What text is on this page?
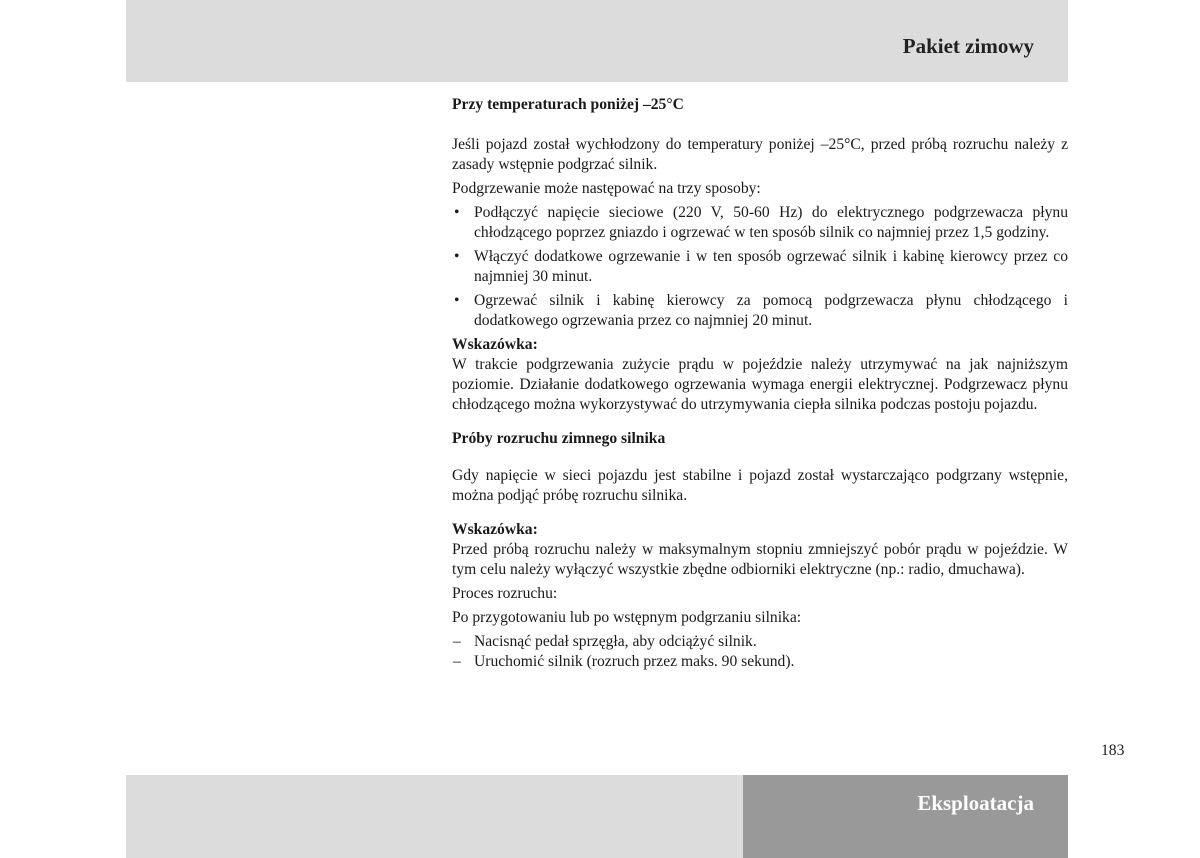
Pakiet zimowy

Przy temperaturach poniżej –25°C

Jeśli pojazd został wychłodzony do temperatury poniżej –25°C, przed próbą rozruchu należy z zasady wstępnie podgrzać silnik.

Podgrzewanie może następować na trzy sposoby:

• Podłączyć napięcie sieciowe (220 V, 50-60 Hz) do elektrycznego podgrzewacza płynu chłodzącego poprzez gniazdo i ogrzewać w ten sposób silnik co najmniej przez 1,5 godziny.
• Włączyć dodatkowe ogrzewanie i w ten sposób ogrzewać silnik i kabinę kierowcy przez co najmniej 30 minut.
• Ogrzewać silnik i kabinę kierowcy za pomocą podgrzewacza płynu chłodzącego i dodatkowego ogrzewania przez co najmniej 20 minut.

Wskazówka:

W trakcie podgrzewania zużycie prądu w pojeździe należy utrzymywać na jak najniższym poziomie. Działanie dodatkowego ogrzewania wymaga energii elektrycznej. Podgrzewacz płynu chłodzącego można wykorzystywać do utrzymywania ciepła silnika podczas postoju pojazdu.

Próby rozruchu zimnego silnika

Gdy napięcie w sieci pojazdu jest stabilne i pojazd został wystarczająco podgrzany wstępnie, można podjąć próbę rozruchu silnika.

Wskazówka:

Przed próbą rozruchu należy w maksymalnym stopniu zmniejszyć pobór prądu w pojeździe. W tym celu należy wyłączyć wszystkie zbędne odbiorniki elektryczne (np.: radio, dmuchawa).

Proces rozruchu:

Po przygotowaniu lub po wstępnym podgrzaniu silnika:

– Nacisnąć pedał sprzęgła, aby odciążyć silnik.
– Uruchomić silnik (rozruch przez maks. 90 sekund).
183
Eksploatacja
